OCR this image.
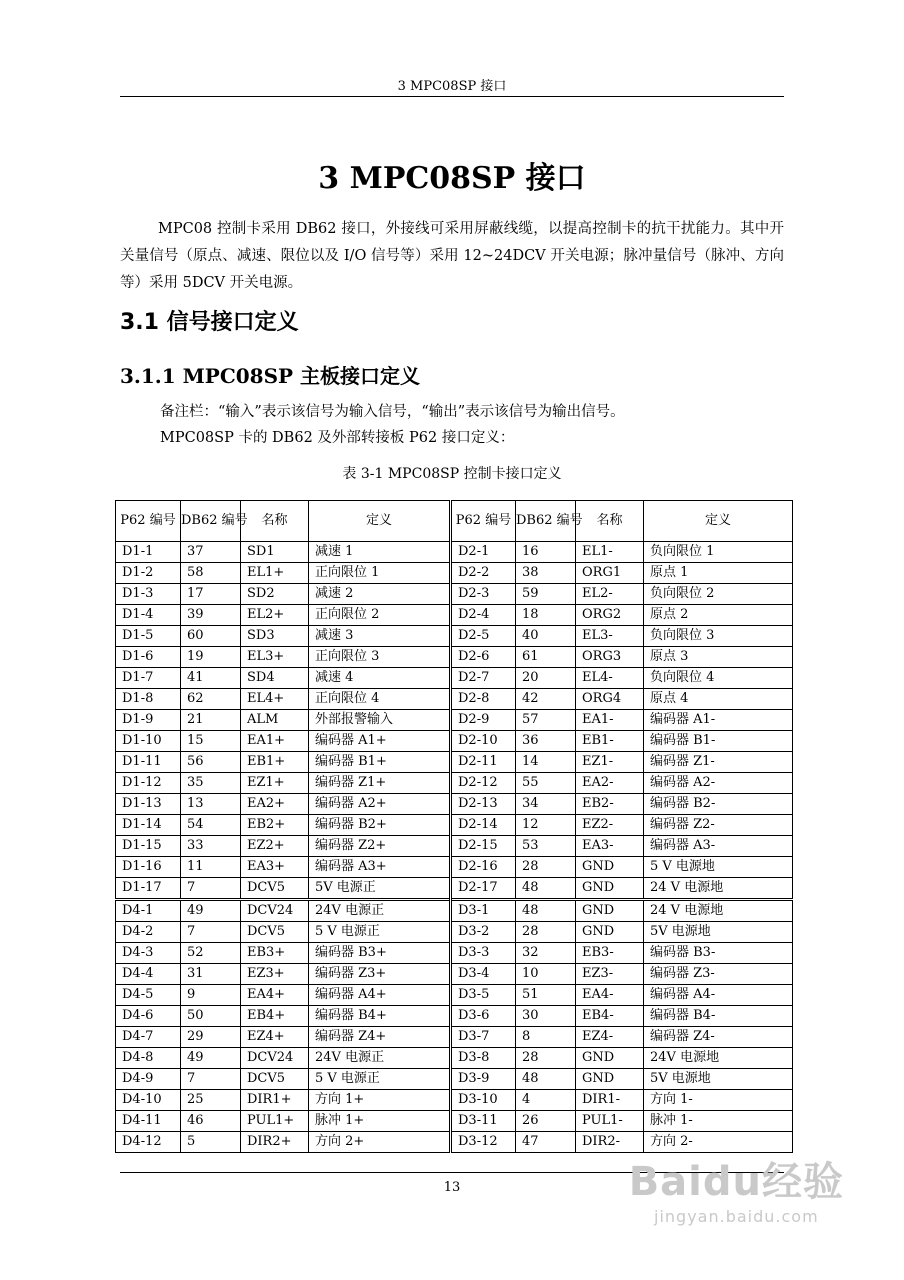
3 MPC08SP 接口
3 MPC08SP 接口

MPC08 控制卡采用 DB62 接口，外接线可采用屏蔽线缆，以提高控制卡的抗干扰能力。其中开关量信号（原点、减速、限位以及 I/O 信号等）采用 12~24DCV 开关电源；脉冲量信号（脉冲、方向等）采用 5DCV 开关电源。

3.1 信号接口定义
3.1.1 MPC08SP 主板接口定义

备注栏：“输入”表示该信号为输入信号，“输出”表示该信号为输出信号。

MPC08SP 卡的 DB62 及外部转接板 P62 接口定义：

表 3-1 MPC08SP 控制卡接口定义
P62 编号	DB62 编号	名称	定义	P62 编号	DB62 编号	名称	定义
D1-1	37	SD1	减速 1	D2-1	16	EL1-	负向限位 1
D1-2	58	EL1+	正向限位 1	D2-2	38	ORG1	原点 1
D1-3	17	SD2	减速 2	D2-3	59	EL2-	负向限位 2
D1-4	39	EL2+	正向限位 2	D2-4	18	ORG2	原点 2
D1-5	60	SD3	减速 3	D2-5	40	EL3-	负向限位 3
D1-6	19	EL3+	正向限位 3	D2-6	61	ORG3	原点 3
D1-7	41	SD4	减速 4	D2-7	20	EL4-	负向限位 4
D1-8	62	EL4+	正向限位 4	D2-8	42	ORG4	原点 4
D1-9	21	ALM	外部报警输入	D2-9	57	EA1-	编码器 A1-
D1-10	15	EA1+	编码器 A1+	D2-10	36	EB1-	编码器 B1-
D1-11	56	EB1+	编码器 B1+	D2-11	14	EZ1-	编码器 Z1-
D1-12	35	EZ1+	编码器 Z1+	D2-12	55	EA2-	编码器 A2-
D1-13	13	EA2+	编码器 A2+	D2-13	34	EB2-	编码器 B2-
D1-14	54	EB2+	编码器 B2+	D2-14	12	EZ2-	编码器 Z2-
D1-15	33	EZ2+	编码器 Z2+	D2-15	53	EA3-	编码器 A3-
D1-16	11	EA3+	编码器 A3+	D2-16	28	GND	5 V 电源地
D1-17	7	DCV5	5V 电源正	D2-17	48	GND	24 V 电源地
D4-1	49	DCV24	24V 电源正	D3-1	48	GND	24 V 电源地
D4-2	7	DCV5	5 V 电源正	D3-2	28	GND	5V 电源地
D4-3	52	EB3+	编码器 B3+	D3-3	32	EB3-	编码器 B3-
D4-4	31	EZ3+	编码器 Z3+	D3-4	10	EZ3-	编码器 Z3-
D4-5	9	EA4+	编码器 A4+	D3-5	51	EA4-	编码器 A4-
D4-6	50	EB4+	编码器 B4+	D3-6	30	EB4-	编码器 B4-
D4-7	29	EZ4+	编码器 Z4+	D3-7	8	EZ4-	编码器 Z4-
D4-8	49	DCV24	24V 电源正	D3-8	28	GND	24V 电源地
D4-9	7	DCV5	5 V 电源正	D3-9	48	GND	5V 电源地
D4-10	25	DIR1+	方向 1+	D3-10	4	DIR1-	方向 1-
D4-11	46	PUL1+	脉冲 1+	D3-11	26	PUL1-	脉冲 1-
D4-12	5	DIR2+	方向 2+	D3-12	47	DIR2-	方向 2-
13	Baidu经验
jingyan.baidu.com
